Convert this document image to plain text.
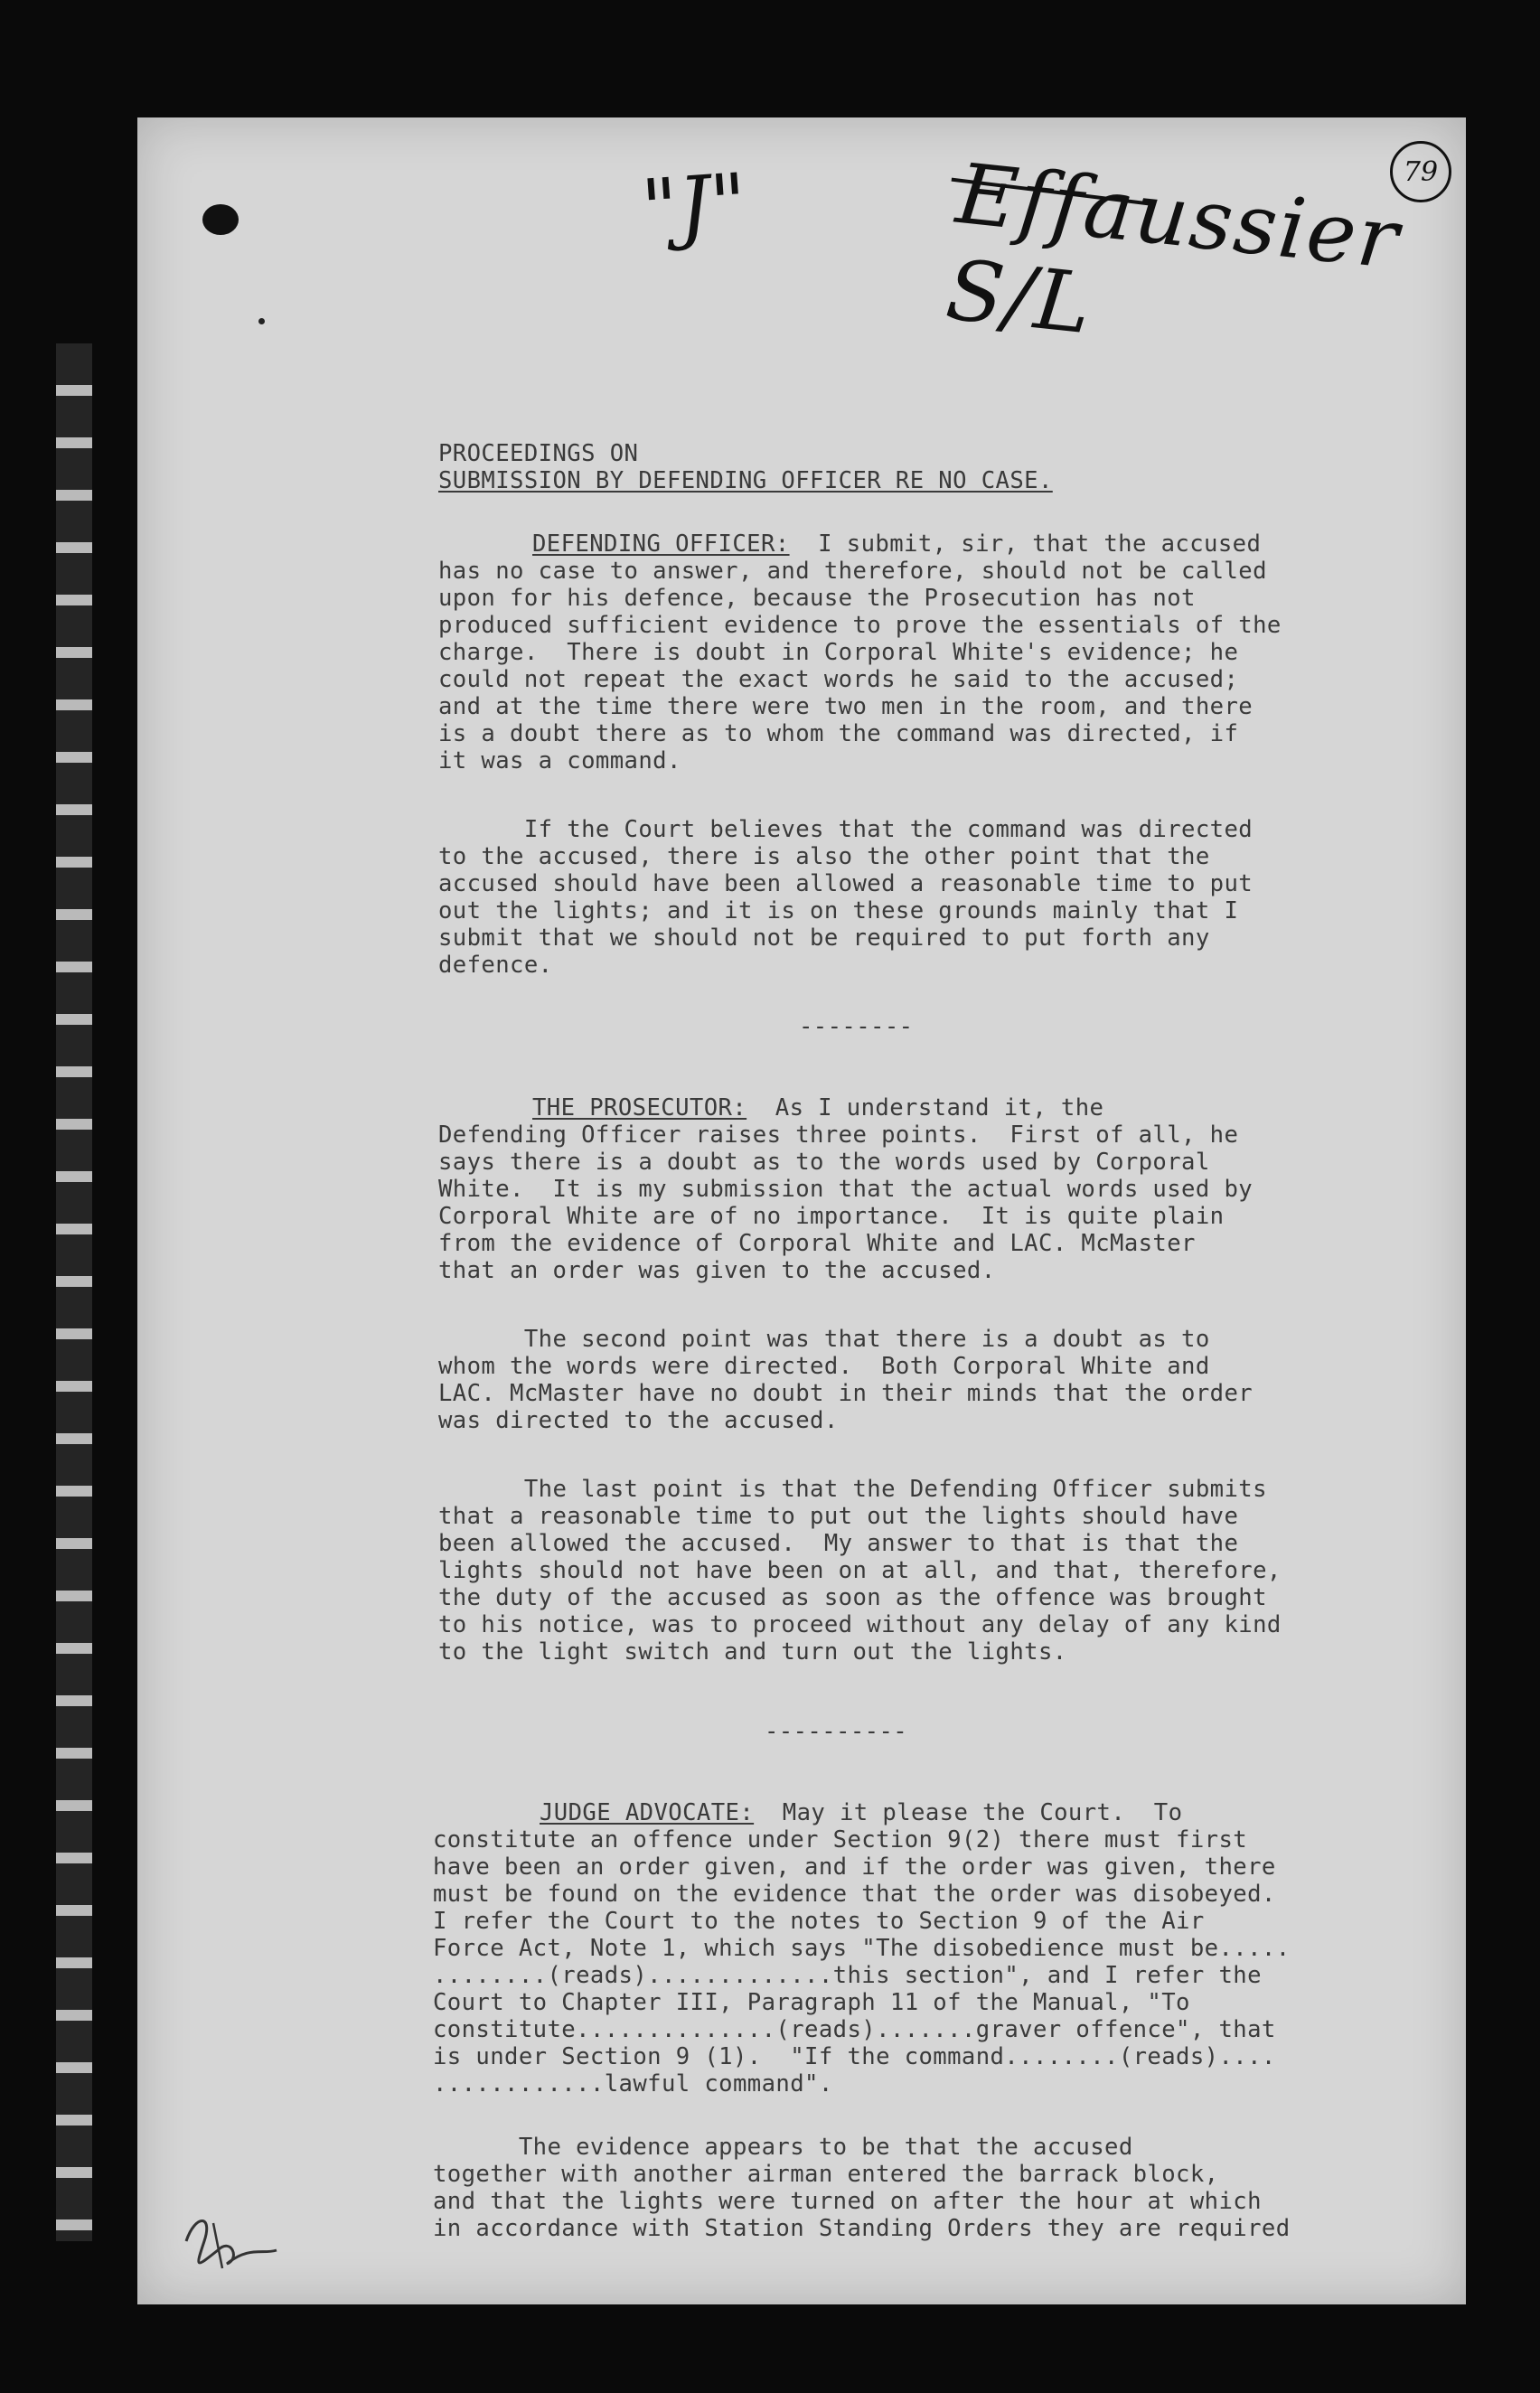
"J" Effaussier S/L
79

PROCEEDINGS ON

SUBMISSION BY DEFENDING OFFICER RE NO CASE.

DEFENDING OFFICER:  I submit, sir, that the accused
has no case to answer, and therefore, should not be called
upon for his defence, because the Prosecution has not
produced sufficient evidence to prove the essentials of the
charge.  There is doubt in Corporal White's evidence; he
could not repeat the exact words he said to the accused;
and at the time there were two men in the room, and there
is a doubt there as to whom the command was directed, if
it was a command.
If the Court believes that the command was directed
to the accused, there is also the other point that the
accused should have been allowed a reasonable time to put
out the lights; and it is on these grounds mainly that I
submit that we should not be required to put forth any
defence.
THE PROSECUTOR:  As I understand it, the
Defending Officer raises three points.  First of all, he
says there is a doubt as to the words used by Corporal
White.  It is my submission that the actual words used by
Corporal White are of no importance.  It is quite plain
from the evidence of Corporal White and LAC. McMaster
that an order was given to the accused.
The second point was that there is a doubt as to
whom the words were directed.  Both Corporal White and
LAC. McMaster have no doubt in their minds that the order
was directed to the accused.
The last point is that the Defending Officer submits
that a reasonable time to put out the lights should have
been allowed the accused.  My answer to that is that the
lights should not have been on at all, and that, therefore,
the duty of the accused as soon as the offence was brought
to his notice, was to proceed without any delay of any kind
to the light switch and turn out the lights.
JUDGE ADVOCATE:  May it please the Court.  To
constitute an offence under Section 9(2) there must first
have been an order given, and if the order was given, there
must be found on the evidence that the order was disobeyed.
I refer the Court to the notes to Section 9 of the Air
Force Act, Note 1, which says "The disobedience must be.....
........(reads).............this section", and I refer the
Court to Chapter III, Paragraph 11 of the Manual, "To
constitute..............(reads).......graver offence", that
is under Section 9 (1).  "If the command........(reads)....
............lawful command".
The evidence appears to be that the accused
together with another airman entered the barrack block,
and that the lights were turned on after the hour at which
in accordance with Station Standing Orders they are required

--------

----------
